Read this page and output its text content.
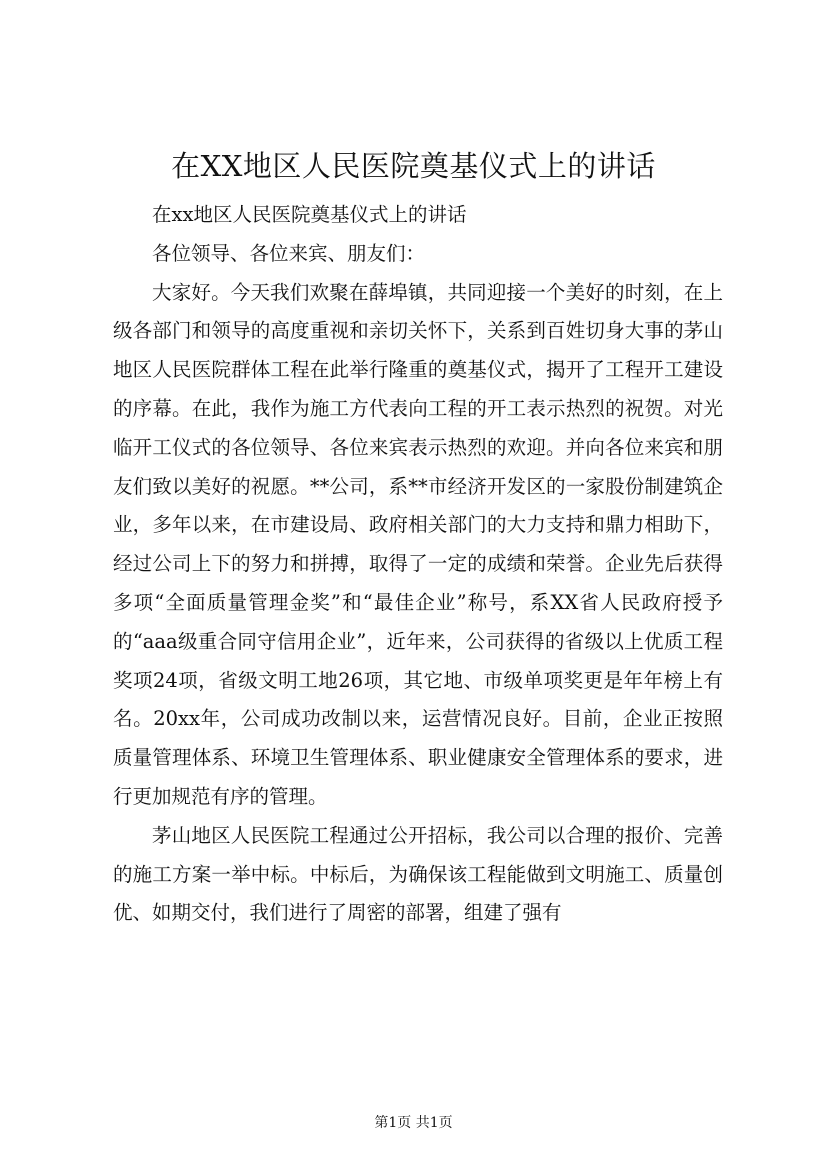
在XX地区人民医院奠基仪式上的讲话

在xx地区人民医院奠基仪式上的讲话

各位领导、各位来宾、朋友们：

大家好。今天我们欢聚在薛埠镇，共同迎接一个美好的时刻，在上级各部门和领导的高度重视和亲切关怀下，关系到百姓切身大事的茅山地区人民医院群体工程在此举行隆重的奠基仪式，揭开了工程开工建设的序幕。在此，我作为施工方代表向工程的开工表示热烈的祝贺。对光临开工仪式的各位领导、各位来宾表示热烈的欢迎。并向各位来宾和朋友们致以美好的祝愿。**公司，系**市经济开发区的一家股份制建筑企业，多年以来，在市建设局、政府相关部门的大力支持和鼎力相助下，经过公司上下的努力和拼搏，取得了一定的成绩和荣誉。企业先后获得多项“全面质量管理金奖”和“最佳企业”称号，系XX省人民政府授予的“aaa级重合同守信用企业”，近年来，公司获得的省级以上优质工程奖项24项，省级文明工地26项，其它地、市级单项奖更是年年榜上有名。20xx年，公司成功改制以来，运营情况良好。目前，企业正按照质量管理体系、环境卫生管理体系、职业健康安全管理体系的要求，进行更加规范有序的管理。

茅山地区人民医院工程通过公开招标，我公司以合理的报价、完善的施工方案一举中标。中标后，为确保该工程能做到文明施工、质量创优、如期交付，我们进行了周密的部署，组建了强有

第1页 共1页
